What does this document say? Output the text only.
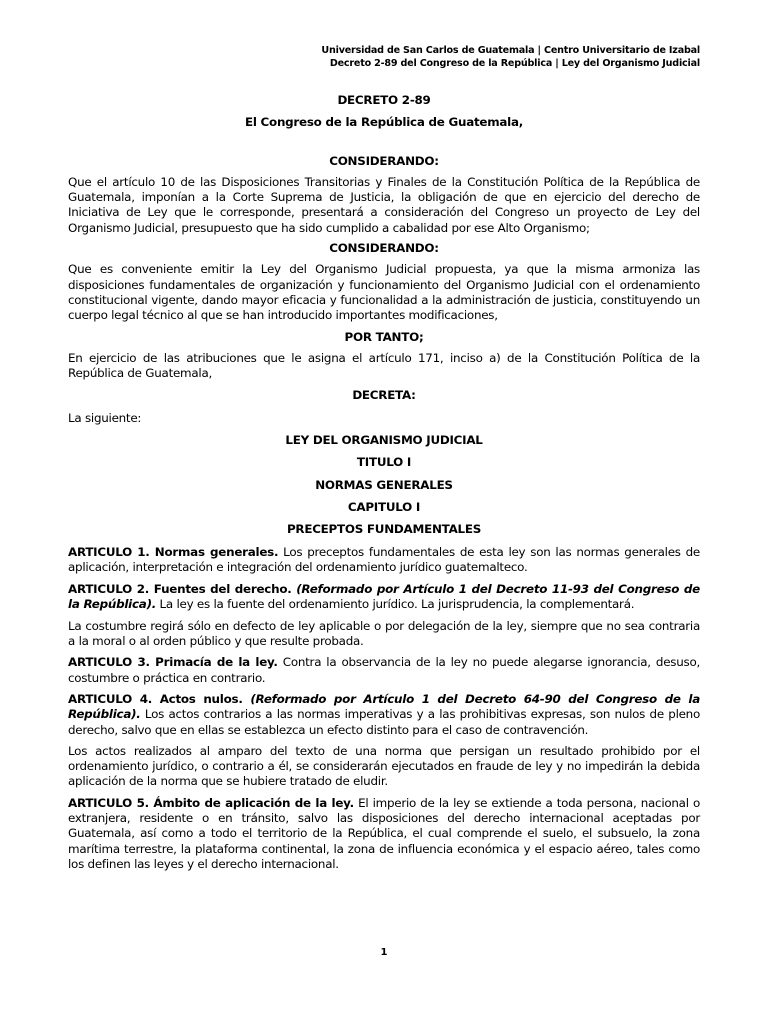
Universidad de San Carlos de Guatemala | Centro Universitario de Izabal
Decreto 2-89 del Congreso de la República | Ley del Organismo Judicial

DECRETO 2-89

El Congreso de la República de Guatemala,

CONSIDERANDO:

Que el artículo 10 de las Disposiciones Transitorias y Finales de la Constitución Política de la República de Guatemala, imponían a la Corte Suprema de Justicia, la obligación de que en ejercicio del derecho de Iniciativa de Ley que le corresponde, presentará a consideración del Congreso un proyecto de Ley del Organismo Judicial, presupuesto que ha sido cumplido a cabalidad por ese Alto Organismo;

CONSIDERANDO:

Que es conveniente emitir la Ley del Organismo Judicial propuesta, ya que la misma armoniza las disposiciones fundamentales de organización y funcionamiento del Organismo Judicial con el ordenamiento constitucional vigente, dando mayor eficacia y funcionalidad a la administración de justicia, constituyendo un cuerpo legal técnico al que se han introducido importantes modificaciones,

POR TANTO;

En ejercicio de las atribuciones que le asigna el artículo 171, inciso a) de la Constitución Política de la República de Guatemala,

DECRETA:

La siguiente:

LEY DEL ORGANISMO JUDICIAL

TITULO I

NORMAS GENERALES

CAPITULO I

PRECEPTOS FUNDAMENTALES

ARTICULO 1. Normas generales. Los preceptos fundamentales de esta ley son las normas generales de aplicación, interpretación e integración del ordenamiento jurídico guatemalteco.

ARTICULO 2. Fuentes del derecho. (Reformado por Artículo 1 del Decreto 11-93 del Congreso de la República). La ley es la fuente del ordenamiento jurídico. La jurisprudencia, la complementará.

La costumbre regirá sólo en defecto de ley aplicable o por delegación de la ley, siempre que no sea contraria a la moral o al orden público y que resulte probada.

ARTICULO 3. Primacía de la ley. Contra la observancia de la ley no puede alegarse ignorancia, desuso, costumbre o práctica en contrario.

ARTICULO 4. Actos nulos. (Reformado por Artículo 1 del Decreto 64-90 del Congreso de la República). Los actos contrarios a las normas imperativas y a las prohibitivas expresas, son nulos de pleno derecho, salvo que en ellas se establezca un efecto distinto para el caso de contravención.

Los actos realizados al amparo del texto de una norma que persigan un resultado prohibido por el ordenamiento jurídico, o contrario a él, se considerarán ejecutados en fraude de ley y no impedirán la debida aplicación de la norma que se hubiere tratado de eludir.

ARTICULO 5. Ámbito de aplicación de la ley. El imperio de la ley se extiende a toda persona, nacional o extranjera, residente o en tránsito, salvo las disposiciones del derecho internacional aceptadas por Guatemala, así como a todo el territorio de la República, el cual comprende el suelo, el subsuelo, la zona marítima terrestre, la plataforma continental, la zona de influencia económica y el espacio aéreo, tales como los definen las leyes y el derecho internacional.

1
